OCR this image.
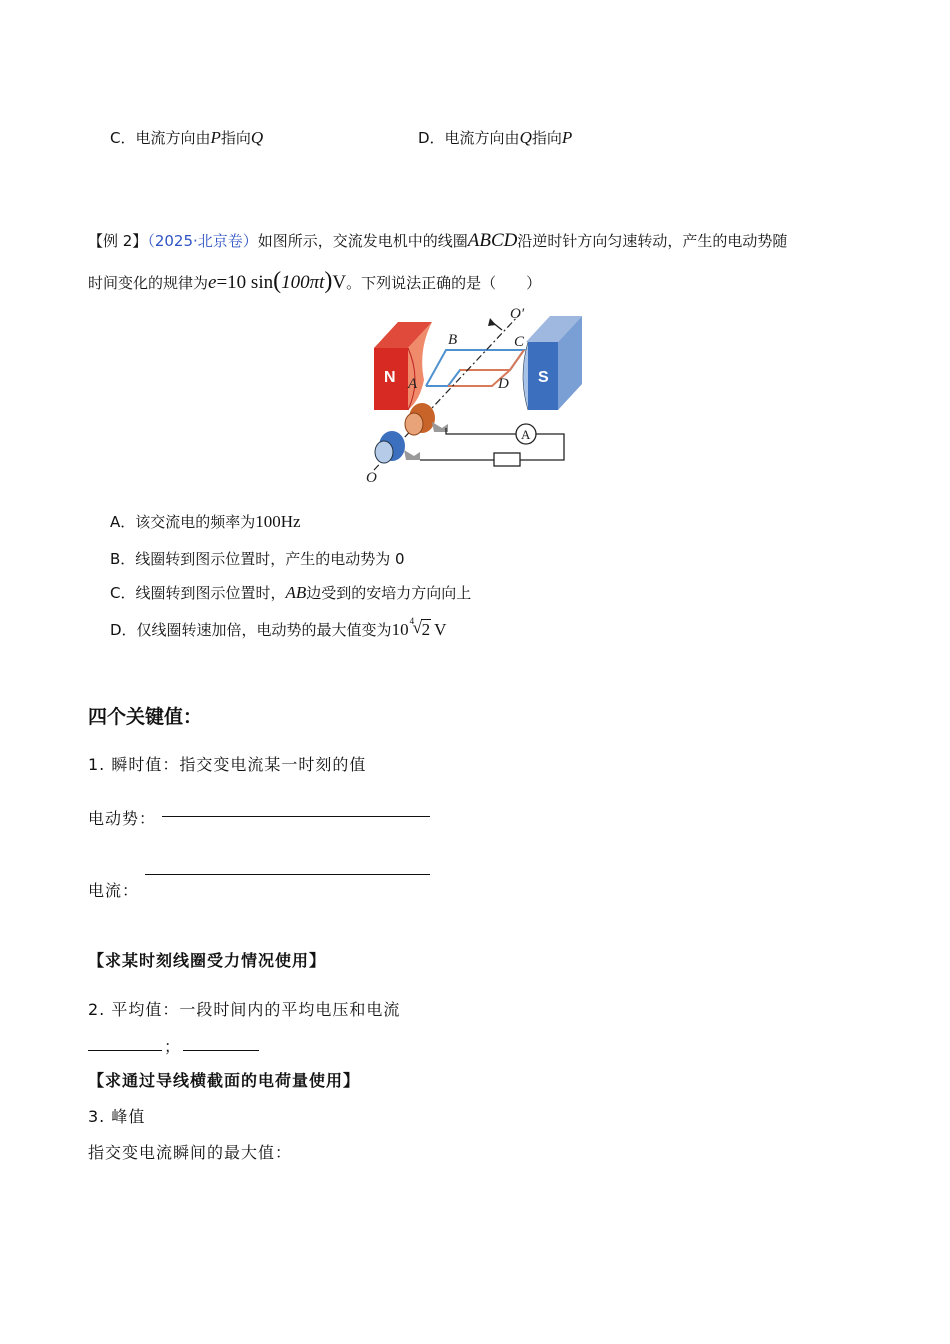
C．电流方向由P指向Q	D．电流方向由Q指向P
【例 2】（2025·北京卷）如图所示，交流发电机中的线圈ABCD沿逆时针方向匀速转动，产生的电动势随
时间变化的规律为e=10 sin(100πt)V。下列说法正确的是（　　）
N	S
A
A
B	C
D
O′
O
A．该交流电的频率为100Hz
B．线圈转到图示位置时，产生的电动势为 0
C．线圈转到图示位置时，AB边受到的安培力方向向上
D．仅线圈转速加倍，电动势的最大值变为10 4
√ 2 V
四个关键值：
1. 瞬时值：指交变电流某一时刻的值
电动势：
电流：
【求某时刻线圈受力情况使用】
2. 平均值：一段时间内的平均电压和电流
；
【求通过导线横截面的电荷量使用】
3. 峰值
指交变电流瞬间的最大值：
